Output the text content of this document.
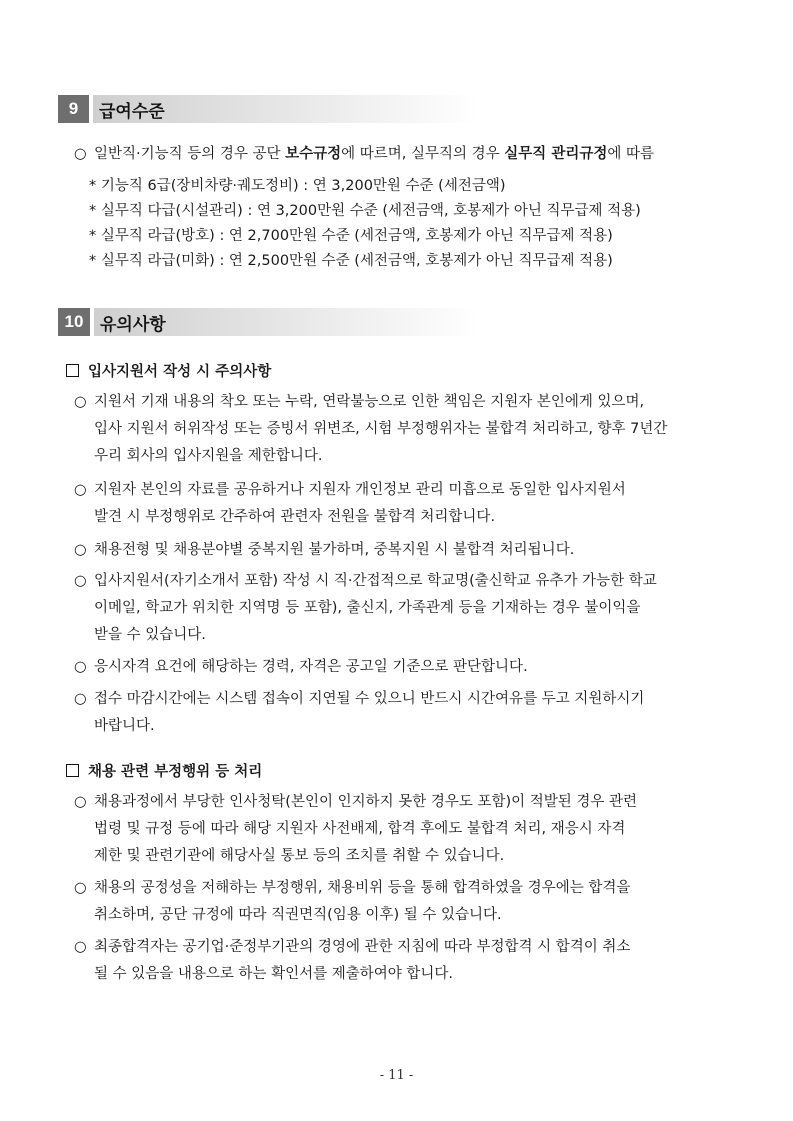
9	급여수준
○ 일반직·기능직 등의 경우 공단 보수규정에 따르며, 실무직의 경우 실무직 관리규정에 따름
* 기능직 6급(장비차량·궤도정비) : 연 3,200만원 수준 (세전금액)
* 실무직 다급(시설관리) : 연 3,200만원 수준 (세전금액, 호봉제가 아닌 직무급제 적용)
* 실무직 라급(방호) : 연 2,700만원 수준 (세전금액, 호봉제가 아닌 직무급제 적용)
* 실무직 라급(미화) : 연 2,500만원 수준 (세전금액, 호봉제가 아닌 직무급제 적용)
10 유의사항
입사지원서 작성 시 주의사항
○ 지원서 기재 내용의 착오 또는 누락, 연락불능으로 인한 책임은 지원자 본인에게 있으며,
입사 지원서 허위작성 또는 증빙서 위변조, 시험 부정행위자는 불합격 처리하고, 향후 7년간
우리 회사의 입사지원을 제한합니다.
○ 지원자 본인의 자료를 공유하거나 지원자 개인정보 관리 미흡으로 동일한 입사지원서
발견 시 부정행위로 간주하여 관련자 전원을 불합격 처리합니다.
○ 채용전형 및 채용분야별 중복지원 불가하며, 중복지원 시 불합격 처리됩니다.
○ 입사지원서(자기소개서 포함) 작성 시 직·간접적으로 학교명(출신학교 유추가 가능한 학교
이메일, 학교가 위치한 지역명 등 포함), 출신지, 가족관계 등을 기재하는 경우 불이익을
받을 수 있습니다.
○ 응시자격 요건에 해당하는 경력, 자격은 공고일 기준으로 판단합니다.
○ 접수 마감시간에는 시스템 접속이 지연될 수 있으니 반드시 시간여유를 두고 지원하시기
바랍니다.
채용 관련 부정행위 등 처리
○ 채용과정에서 부당한 인사청탁(본인이 인지하지 못한 경우도 포함)이 적발된 경우 관련
법령 및 규정 등에 따라 해당 지원자 사전배제, 합격 후에도 불합격 처리, 재응시 자격
제한 및 관련기관에 해당사실 통보 등의 조치를 취할 수 있습니다.
○ 채용의 공정성을 저해하는 부정행위, 채용비위 등을 통해 합격하였을 경우에는 합격을
취소하며, 공단 규정에 따라 직권면직(임용 이후) 될 수 있습니다.
○ 최종합격자는 공기업·준정부기관의 경영에 관한 지침에 따라 부정합격 시 합격이 취소
될 수 있음을 내용으로 하는 확인서를 제출하여야 합니다.
- 11 -
